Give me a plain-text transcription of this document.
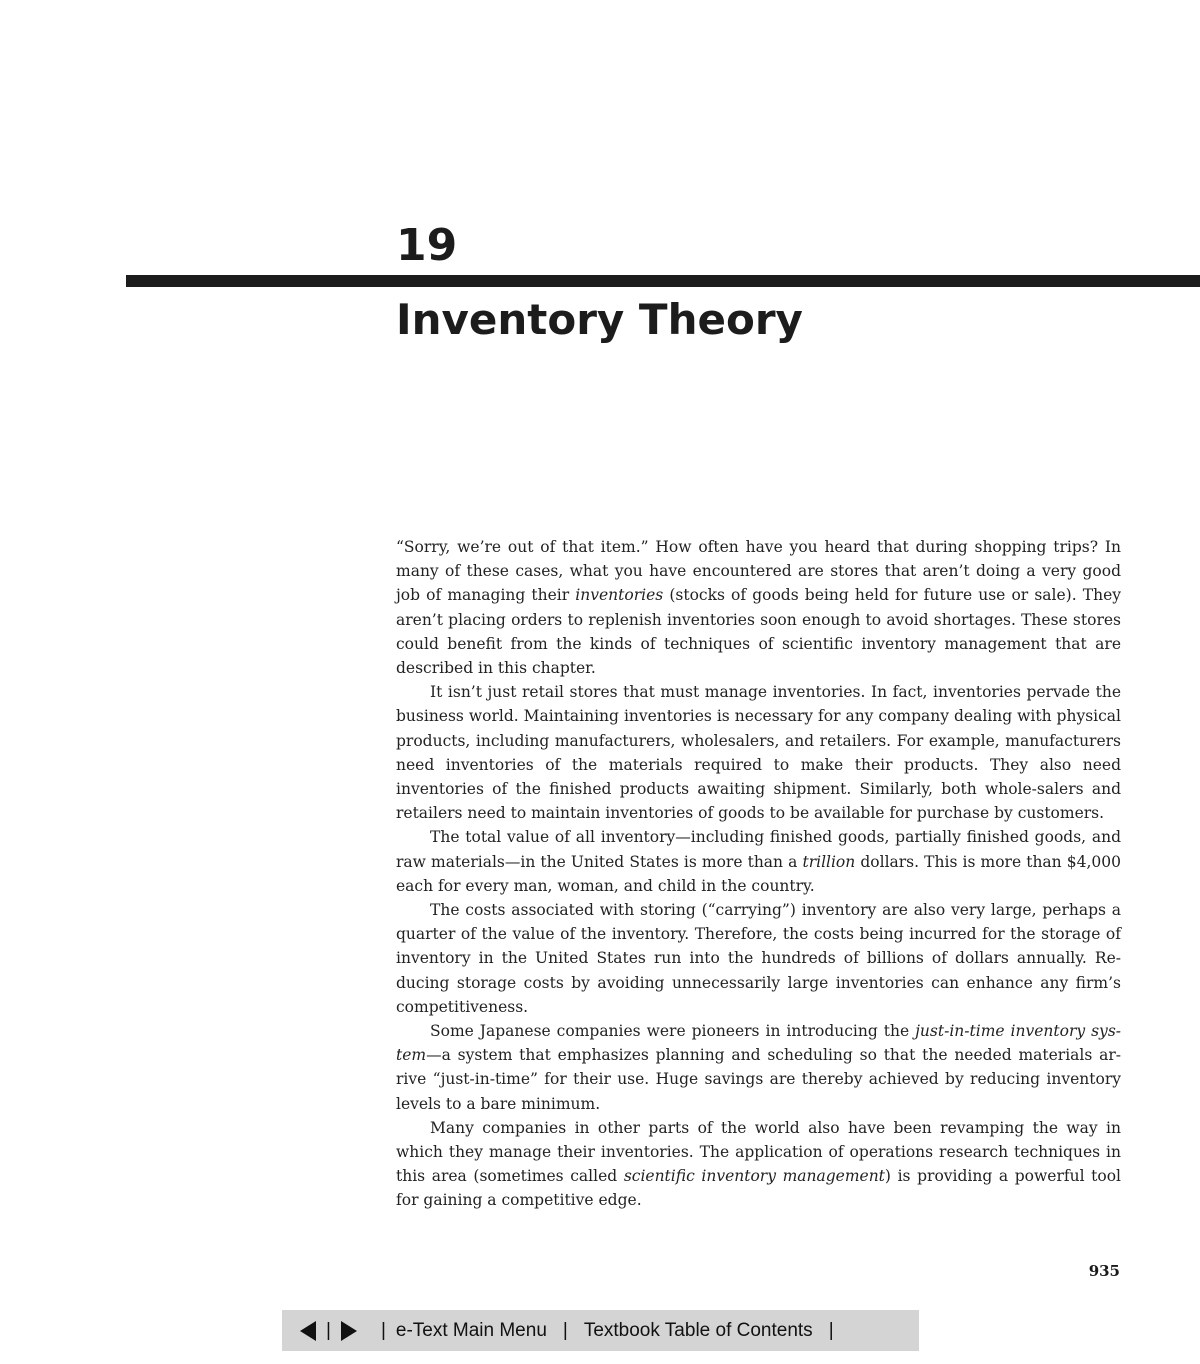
19
Inventory Theory

“Sorry, we’re out of that item.” How often have you heard that during shopping trips? In many of these cases, what you have encountered are stores that aren’t doing a very good job of managing their inventories (stocks of goods being held for future use or sale). They aren’t placing orders to replenish inventories soon enough to avoid shortages. These stores could benefit from the kinds of techniques of scientific inventory management that are described in this chapter.

It isn’t just retail stores that must manage inventories. In fact, inventories pervade the business world. Maintaining inventories is necessary for any company dealing with physical products, including manufacturers, wholesalers, and retailers. For example, manufacturers need inventories of the materials required to make their products. They also need inventories of the finished products awaiting shipment. Similarly, both whole-salers and retailers need to maintain inventories of goods to be available for purchase by customers.

The total value of all inventory—including finished goods, partially finished goods, and raw materials—in the United States is more than a trillion dollars. This is more than $4,000 each for every man, woman, and child in the country.

The costs associated with storing (“carrying”) inventory are also very large, perhaps a quarter of the value of the inventory. Therefore, the costs being incurred for the storage of inventory in the United States run into the hundreds of billions of dollars annually. Re-ducing storage costs by avoiding unnecessarily large inventories can enhance any firm’s competitiveness.

Some Japanese companies were pioneers in introducing the just-in-time inventory sys-tem—a system that emphasizes planning and scheduling so that the needed materials ar-rive “just-in-time” for their use. Huge savings are thereby achieved by reducing inventory levels to a bare minimum.

Many companies in other parts of the world also have been revamping the way in which they manage their inventories. The application of operations research techniques in this area (sometimes called scientific inventory management) is providing a powerful tool for gaining a competitive edge.

935
|	| e-Text Main Menu | Textbook Table of Contents |
